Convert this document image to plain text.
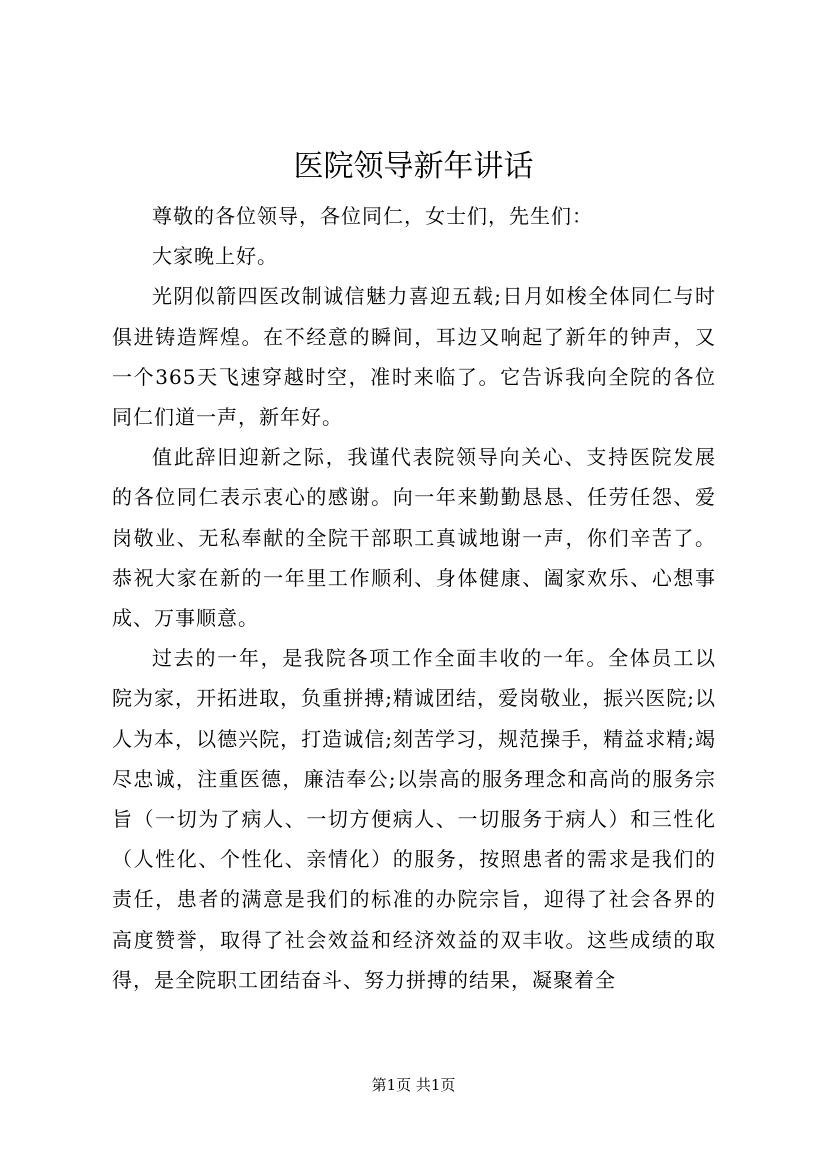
医院领导新年讲话

尊敬的各位领导，各位同仁，女士们，先生们：

大家晚上好。

光阴似箭四医改制诚信魅力喜迎五载;日月如梭全体同仁与时俱进铸造辉煌。在不经意的瞬间，耳边又响起了新年的钟声，又一个365天飞速穿越时空，准时来临了。它告诉我向全院的各位同仁们道一声，新年好。

值此辞旧迎新之际，我谨代表院领导向关心、支持医院发展的各位同仁表示衷心的感谢。向一年来勤勤恳恳、任劳任怨、爱岗敬业、无私奉献的全院干部职工真诚地谢一声，你们辛苦了。恭祝大家在新的一年里工作顺利、身体健康、阖家欢乐、心想事成、万事顺意。

过去的一年，是我院各项工作全面丰收的一年。全体员工以院为家，开拓进取，负重拼搏;精诚团结，爱岗敬业，振兴医院;以人为本，以德兴院，打造诚信;刻苦学习，规范操手，精益求精;竭尽忠诚，注重医德，廉洁奉公;以崇高的服务理念和高尚的服务宗旨（一切为了病人、一切方便病人、一切服务于病人）和三性化（人性化、个性化、亲情化）的服务，按照患者的需求是我们的责任，患者的满意是我们的标准的办院宗旨，迎得了社会各界的高度赞誉，取得了社会效益和经济效益的双丰收。这些成绩的取得，是全院职工团结奋斗、努力拼搏的结果，凝聚着全

第1页 共1页
